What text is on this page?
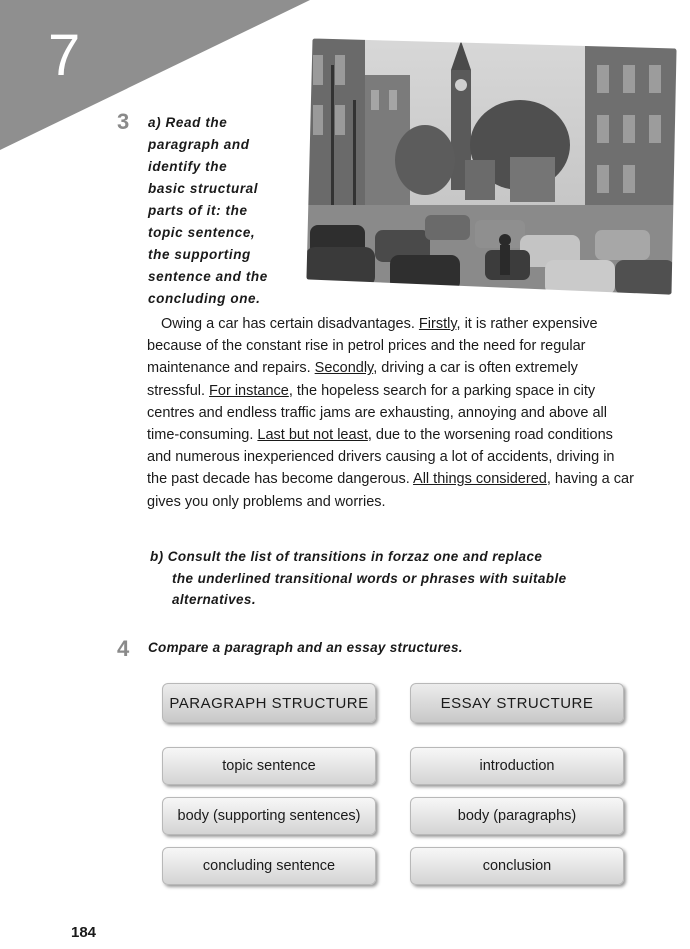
7
3 a) Read the
paragraph and
identify the
basic structural
parts of it: the
topic sentence,
the supporting
sentence and the
concluding one.
Owing a car has certain disadvantages. Firstly, it is rather expensive because of the constant rise in petrol prices and the need for regular maintenance and repairs. Secondly, driving a car is often extremely stressful. For instance, the hopeless search for a parking space in city centres and endless traffic jams are exhausting, annoying and above all time-consuming. Last but not least, due to the worsening road conditions and numerous inexperienced drivers causing a lot of accidents, driving in the past decade has become dangerous. All things considered, having a car gives you only problems and worries.
b) Consult the list of transitions in forzaz one and replace
the underlined transitional words or phrases with suitable
alternatives.
4 Compare a paragraph and an essay structures.
PARAGRAPH STRUCTURE	ESSAY STRUCTURE
topic sentence
body (supporting sentences)
concluding sentence
introduction
body (paragraphs)
conclusion
184
